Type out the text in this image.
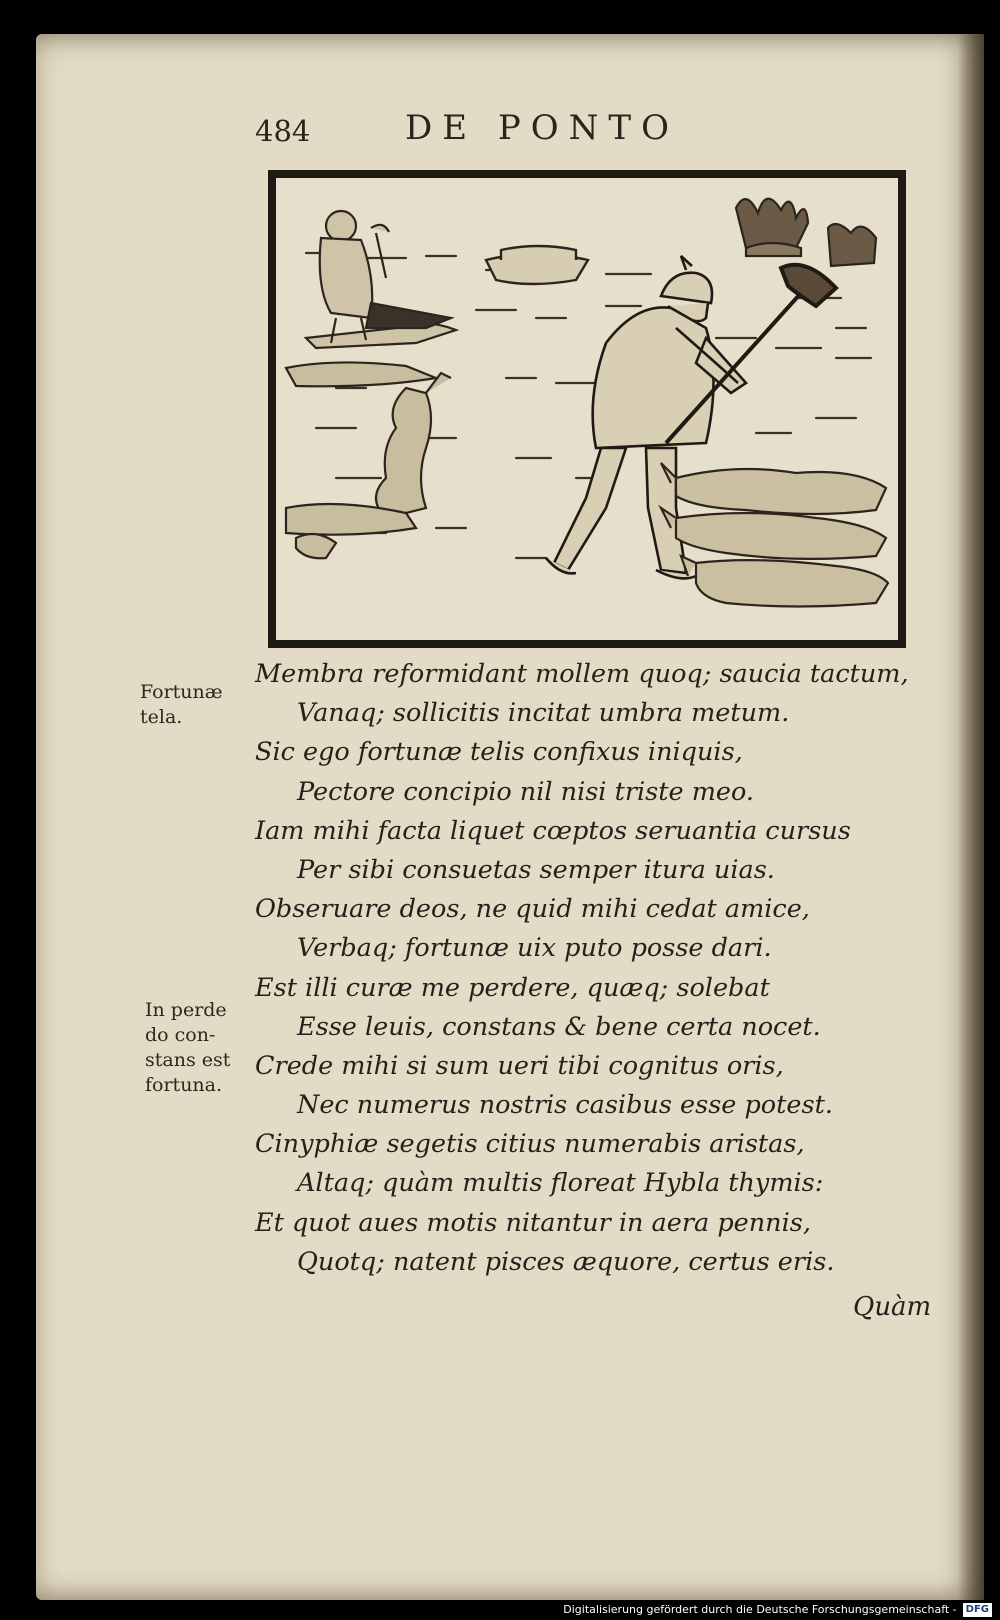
484	DE PONTO
Fortunæ
tela.
In perde
do con-
stans est
fortuna.
Membra reformidant mollem quoq; saucia tactum,
Vanaq; sollicitis incitat umbra metum.
Sic ego fortunæ telis confixus iniquis,
Pectore concipio nil nisi triste meo.
Iam mihi facta liquet cœptos seruantia cursus
Per sibi consuetas semper itura uias.
Obseruare deos, ne quid mihi cedat amice,
Verbaq; fortunæ uix puto posse dari.
Est illi curæ me perdere, quæq; solebat
Esse leuis, constans & bene certa nocet.
Crede mihi si sum ueri tibi cognitus oris,
Nec numerus nostris casibus esse potest.
Cinyphiæ segetis citius numerabis aristas,
Altaq; quàm multis floreat Hybla thymis:
Et quot aues motis nitantur in aera pennis,
Quotq; natent pisces æquore, certus eris.
Quàm
Digitalisierung gefördert durch die Deutsche Forschungsgemeinschaft - DFG
